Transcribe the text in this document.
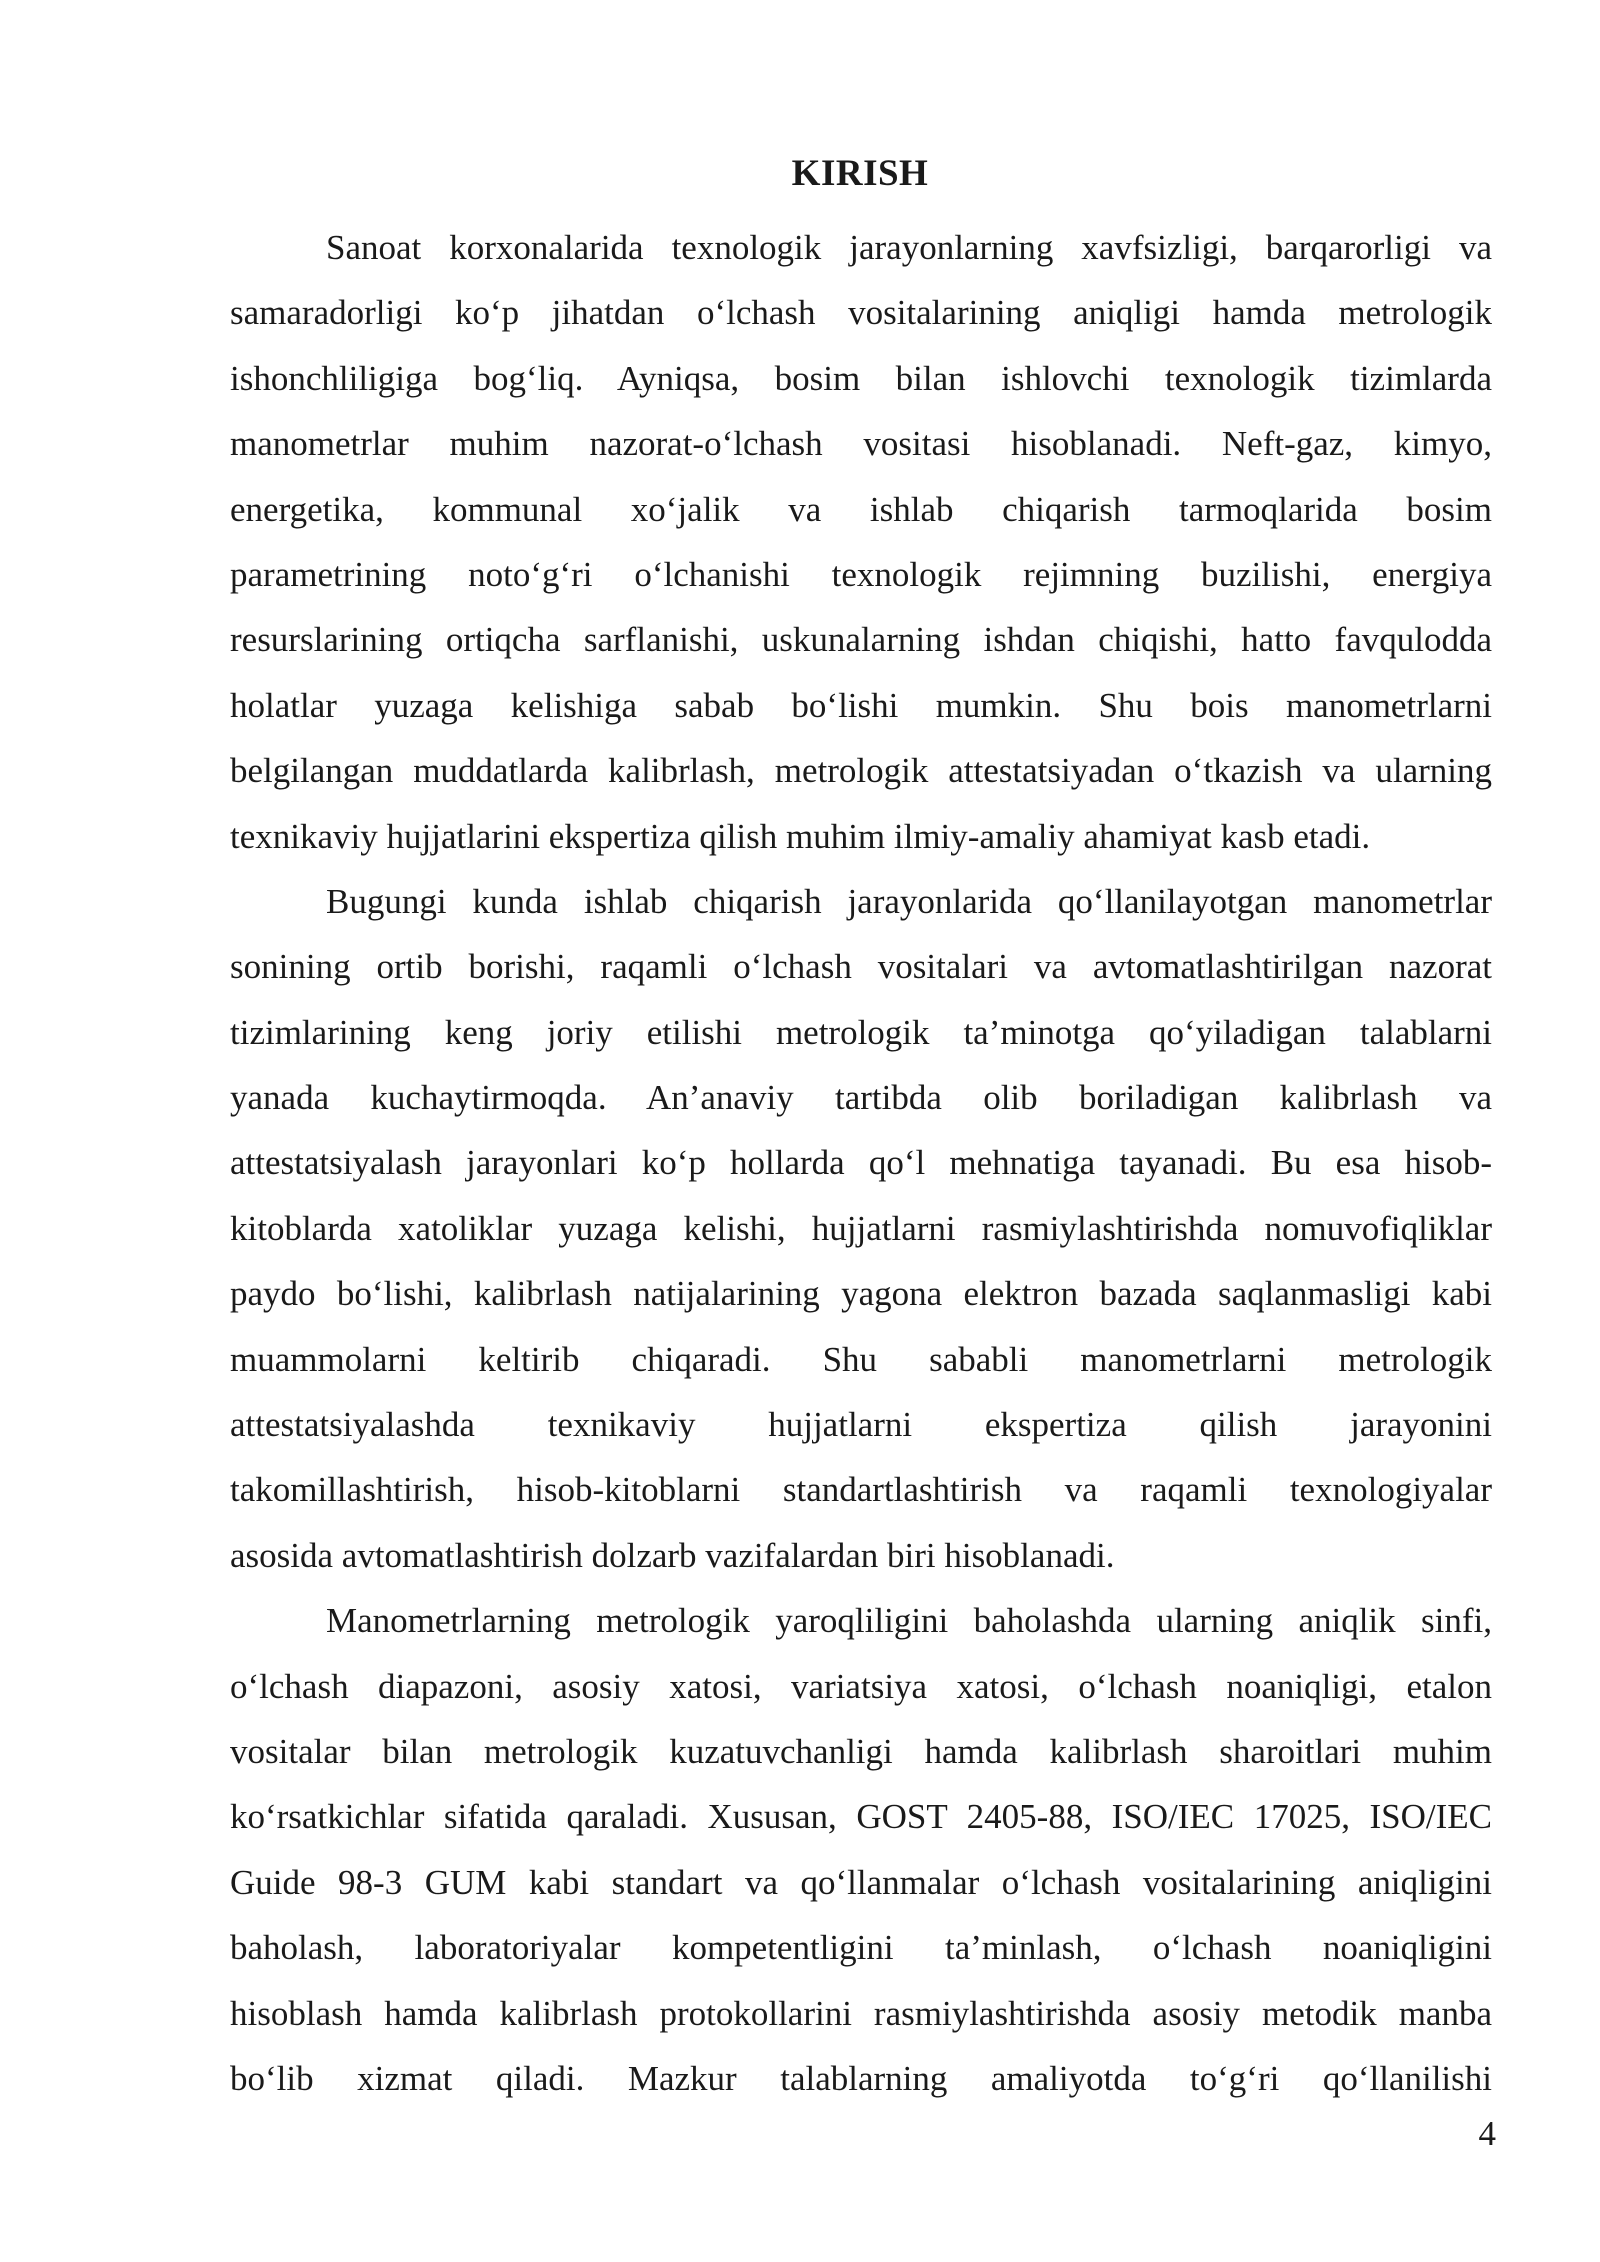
KIRISH
Sanoat korxonalarida texnologik jarayonlarning xavfsizligi, barqarorligi va
samaradorligi ko‘p jihatdan o‘lchash vositalarining aniqligi hamda metrologik
ishonchliligiga bog‘liq. Ayniqsa, bosim bilan ishlovchi texnologik tizimlarda
manometrlar muhim nazorat-o‘lchash vositasi hisoblanadi. Neft-gaz, kimyo,
energetika, kommunal xo‘jalik va ishlab chiqarish tarmoqlarida bosim
parametrining noto‘g‘ri o‘lchanishi texnologik rejimning buzilishi, energiya
resurslarining ortiqcha sarflanishi, uskunalarning ishdan chiqishi, hatto favqulodda
holatlar yuzaga kelishiga sabab bo‘lishi mumkin. Shu bois manometrlarni
belgilangan muddatlarda kalibrlash, metrologik attestatsiyadan o‘tkazish va ularning
texnikaviy hujjatlarini ekspertiza qilish muhim ilmiy-amaliy ahamiyat kasb etadi.
Bugungi kunda ishlab chiqarish jarayonlarida qo‘llanilayotgan manometrlar
sonining ortib borishi, raqamli o‘lchash vositalari va avtomatlashtirilgan nazorat
tizimlarining keng joriy etilishi metrologik ta’minotga qo‘yiladigan talablarni
yanada kuchaytirmoqda. An’anaviy tartibda olib boriladigan kalibrlash va
attestatsiyalash jarayonlari ko‘p hollarda qo‘l mehnatiga tayanadi. Bu esa hisob-
kitoblarda xatoliklar yuzaga kelishi, hujjatlarni rasmiylashtirishda nomuvofiqliklar
paydo bo‘lishi, kalibrlash natijalarining yagona elektron bazada saqlanmasligi kabi
muammolarni keltirib chiqaradi. Shu sababli manometrlarni metrologik
attestatsiyalashda texnikaviy hujjatlarni ekspertiza qilish jarayonini
takomillashtirish, hisob-kitoblarni standartlashtirish va raqamli texnologiyalar
asosida avtomatlashtirish dolzarb vazifalardan biri hisoblanadi.
Manometrlarning metrologik yaroqliligini baholashda ularning aniqlik sinfi,
o‘lchash diapazoni, asosiy xatosi, variatsiya xatosi, o‘lchash noaniqligi, etalon
vositalar bilan metrologik kuzatuvchanligi hamda kalibrlash sharoitlari muhim
ko‘rsatkichlar sifatida qaraladi. Xususan, GOST 2405-88, ISO/IEC 17025, ISO/IEC
Guide 98-3 GUM kabi standart va qo‘llanmalar o‘lchash vositalarining aniqligini
baholash, laboratoriyalar kompetentligini ta’minlash, o‘lchash noaniqligini
hisoblash hamda kalibrlash protokollarini rasmiylashtirishda asosiy metodik manba
bo‘lib xizmat qiladi. Mazkur talablarning amaliyotda to‘g‘ri qo‘llanilishi
4
